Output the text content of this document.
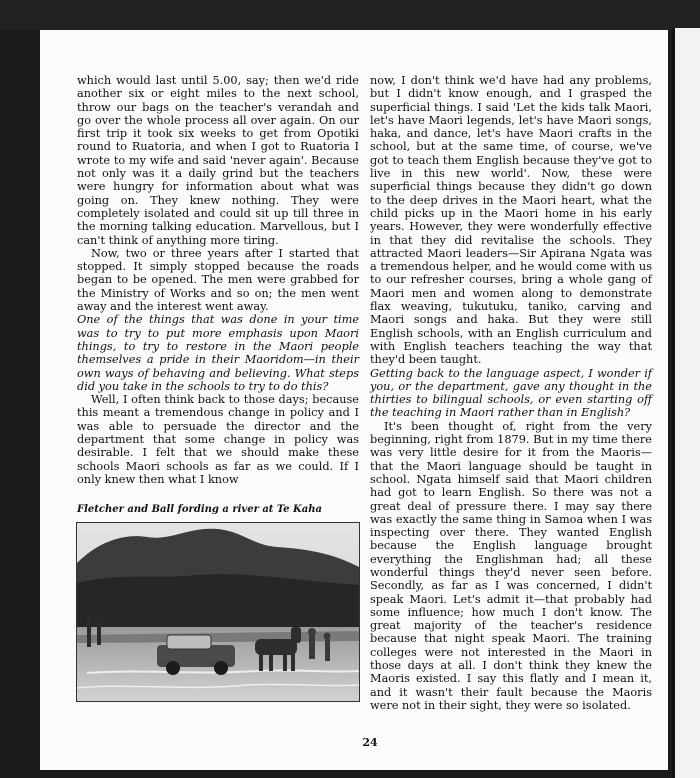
which would last until 5.00, say; then we'd ride another six or eight miles to the next school, throw our bags on the teacher's verandah and go over the whole process all over again. On our first trip it took six weeks to get from Opotiki round to Ruatoria, and when I got to Ruatoria I wrote to my wife and said 'never again'. Because not only was it a daily grind but the teachers were hungry for information about what was going on. They knew nothing. They were completely isolated and could sit up till three in the morning talking education. Marvellous, but I can't think of anything more tiring.

Now, two or three years after I started that stopped. It simply stopped because the roads began to be opened. The men were grabbed for the Ministry of Works and so on; the men went away and the interest went away.

One of the things that was done in your time was to try to put more emphasis upon Maori things, to try to restore in the Maori people themselves a pride in their Maoridom—in their own ways of behaving and believing. What steps did you take in the schools to try to do this?

Well, I often think back to those days; because this meant a tremendous change in policy and I was able to persuade the director and the department that some change in policy was desirable. I felt that we should make these schools Maori schools as far as we could. If I only knew then what I know

Fletcher and Ball fording a river at Te Kaha

now, I don't think we'd have had any problems, but I didn't know enough, and I grasped the superficial things. I said 'Let the kids talk Maori, let's have Maori legends, let's have Maori songs, haka, and dance, let's have Maori crafts in the school, but at the same time, of course, we've got to teach them English because they've got to live in this new world'. Now, these were superficial things because they didn't go down to the deep drives in the Maori heart, what the child picks up in the Maori home in his early years. However, they were wonderfully effective in that they did revitalise the schools. They attracted Maori leaders—Sir Apirana Ngata was a tremendous helper, and he would come with us to our refresher courses, bring a whole gang of Maori men and women along to demonstrate flax weaving, tukutuku, taniko, carving and Maori songs and haka. But they were still English schools, with an English curriculum and with English teachers teaching the way that they'd been taught.

Getting back to the language aspect, I wonder if you, or the department, gave any thought in the thirties to bilingual schools, or even starting off the teaching in Maori rather than in English?

It's been thought of, right from the very beginning, right from 1879. But in my time there was very little desire for it from the Maoris—that the Maori language should be taught in school. Ngata himself said that Maori children had got to learn English. So there was not a great deal of pressure there. I may say there was exactly the same thing in Samoa when I was inspecting over there. They wanted English because the English language brought everything the Englishman had; all these wonderful things they'd never seen before. Secondly, as far as I was concerned, I didn't speak Maori. Let's admit it—that probably had some influence; how much I don't know. The great majority of the teacher's residence because that night speak Maori. The training colleges were not interested in the Maori in those days at all. I don't think they knew the Maoris existed. I say this flatly and I mean it, and it wasn't their fault because the Maoris were not in their sight, they were so isolated.

24
